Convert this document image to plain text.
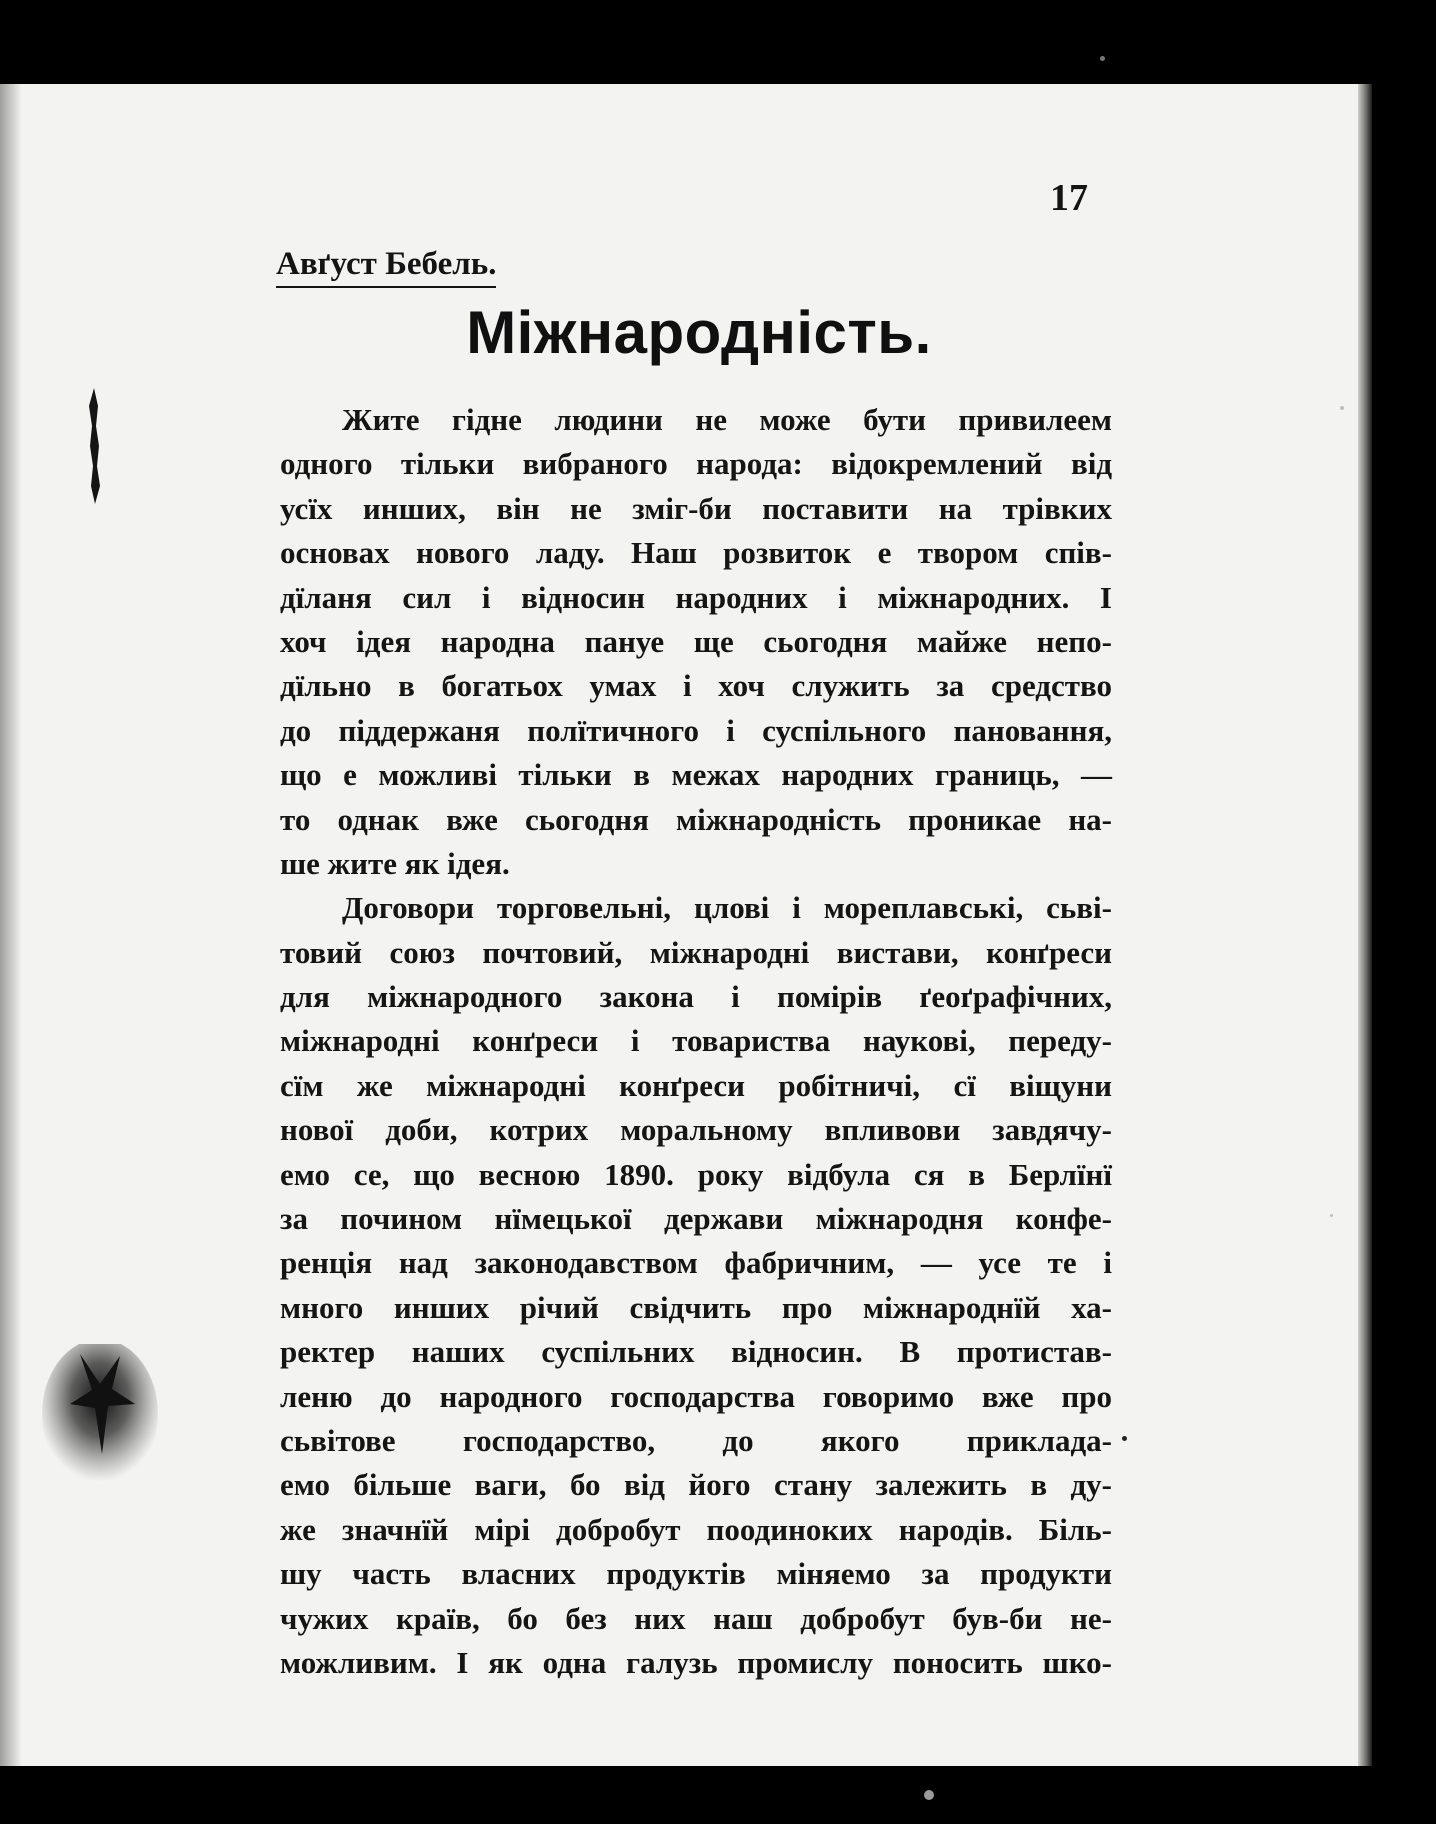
17
Авґуст Бебель.
Міжнародність.
Жите гідне людини не може бути привилеем
одного тільки вибраного народа: відокремлений від
усїх инших, він не зміг-би поставити на трівких
основах нового ладу. Наш розвиток е твором спів-
дїланя сил і відносин народних і міжнародних. І
хоч ідея народна пануе ще сьогодня майже непо-
дїльно в богатьох умах і хоч служить за средство
до піддержаня полїтичного і суспільного пановання,
що е можливі тільки в межах народних границь, —
то однак вже сьогодня міжнародність проникае на-
ше жите як ідея.
Договори торговельні, цлові і мореплавські, сьві-
товий союз почтовий, міжнародні вистави, конґреси
для міжнародного закона і помірів ґеоґрафічних,
міжнародні конґреси і товариства наукові, переду-
сїм же міжнародні конґреси робітничі, сї віщуни
нової доби, котрих моральному впливови завдячу-
емо се, що весною 1890. року відбула ся в Берлїнї
за почином нїмецької держави міжнародня конфе-
ренція над законодавством фабричним, — усе те і
много инших річий свідчить про міжнароднїй ха-
ректер наших суспільних відносин. В протистав-
леню до народного господарства говоримо вже про
сьвітове господарство, до якого приклада-
емо більше ваги, бо від його стану залежить в ду-
же значнїй мірі добробут поодиноких народів. Біль-
шу часть власних продуктів міняемо за продукти
чужих країв, бо без них наш добробут був-би не-
можливим. І як одна галузь промислу поносить шко-
